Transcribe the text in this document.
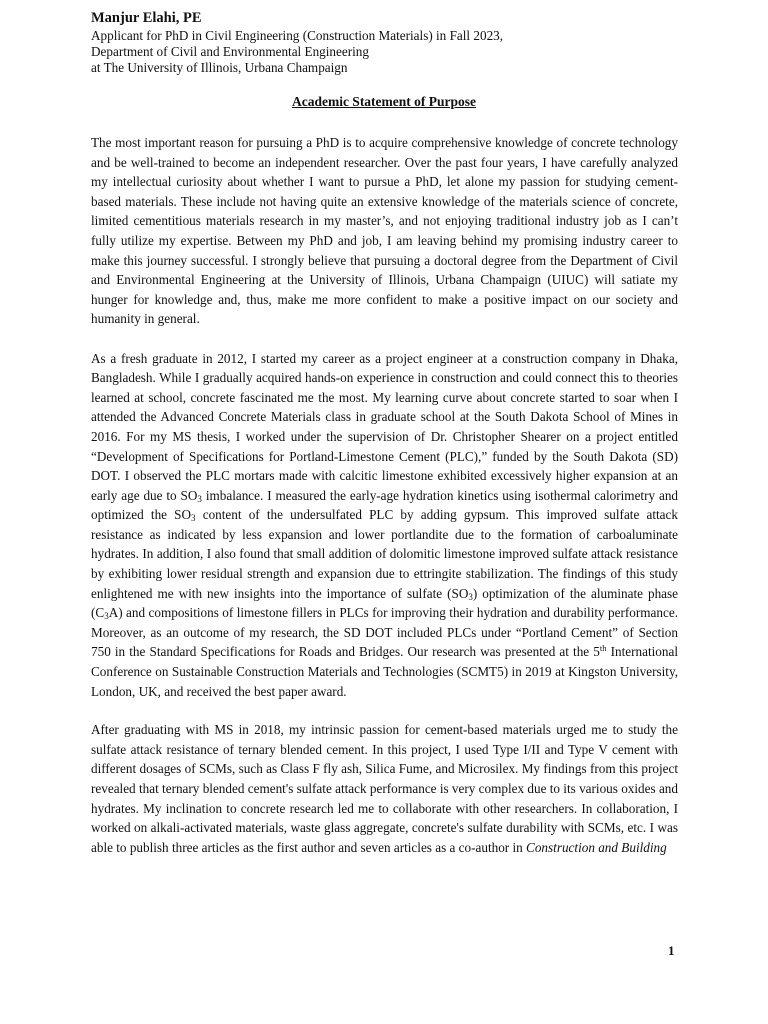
Manjur Elahi, PE

Applicant for PhD in Civil Engineering (Construction Materials) in Fall 2023,

Department of Civil and Environmental Engineering

at The University of Illinois, Urbana Champaign

Academic Statement of Purpose

The most important reason for pursuing a PhD is to acquire comprehensive knowledge of concrete technology and be well-trained to become an independent researcher. Over the past four years, I have carefully analyzed my intellectual curiosity about whether I want to pursue a PhD, let alone my passion for studying cement-based materials. These include not having quite an extensive knowledge of the materials science of concrete, limited cementitious materials research in my master’s, and not enjoying traditional industry job as I can’t fully utilize my expertise. Between my PhD and job, I am leaving behind my promising industry career to make this journey successful. I strongly believe that pursuing a doctoral degree from the Department of Civil and Environmental Engineering at the University of Illinois, Urbana Champaign (UIUC) will satiate my hunger for knowledge and, thus, make me more confident to make a positive impact on our society and humanity in general.

As a fresh graduate in 2012, I started my career as a project engineer at a construction company in Dhaka, Bangladesh. While I gradually acquired hands-on experience in construction and could connect this to theories learned at school, concrete fascinated me the most. My learning curve about concrete started to soar when I attended the Advanced Concrete Materials class in graduate school at the South Dakota School of Mines in 2016. For my MS thesis, I worked under the supervision of Dr. Christopher Shearer on a project entitled “Development of Specifications for Portland-Limestone Cement (PLC),” funded by the South Dakota (SD) DOT. I observed the PLC mortars made with calcitic limestone exhibited excessively higher expansion at an early age due to $SO_3$ imbalance. I measured the early-age hydration kinetics using isothermal calorimetry and optimized the $SO_3$ content of the undersulfated PLC by adding gypsum. This improved sulfate attack resistance as indicated by less expansion and lower portlandite due to the formation of carboaluminate hydrates. In addition, I also found that small addition of dolomitic limestone improved sulfate attack resistance by exhibiting lower residual strength and expansion due to ettringite stabilization. The findings of this study enlightened me with new insights into the importance of sulfate $(SO_3)$ optimization of the aluminate phase $(C_3A)$ and compositions of limestone fillers in PLCs for improving their hydration and durability performance. Moreover, as an outcome of my research, the SD DOT included PLCs under “Portland Cement” of Section 750 in the Standard Specifications for Roads and Bridges. Our research was presented at the 5th International Conference on Sustainable Construction Materials and Technologies (SCMT5) in 2019 at Kingston University, London, UK, and received the best paper award.

After graduating with MS in 2018, my intrinsic passion for cement-based materials urged me to study the sulfate attack resistance of ternary blended cement. In this project, I used Type I/II and Type V cement with different dosages of SCMs, such as Class F fly ash, Silica Fume, and Microsilex. My findings from this project revealed that ternary blended cement's sulfate attack performance is very complex due to its various oxides and hydrates. My inclination to concrete research led me to collaborate with other researchers. In collaboration, I worked on alkali-activated materials, waste glass aggregate, concrete's sulfate durability with SCMs, etc. I was able to publish three articles as the first author and seven articles as a co-author in Construction and Building

1
